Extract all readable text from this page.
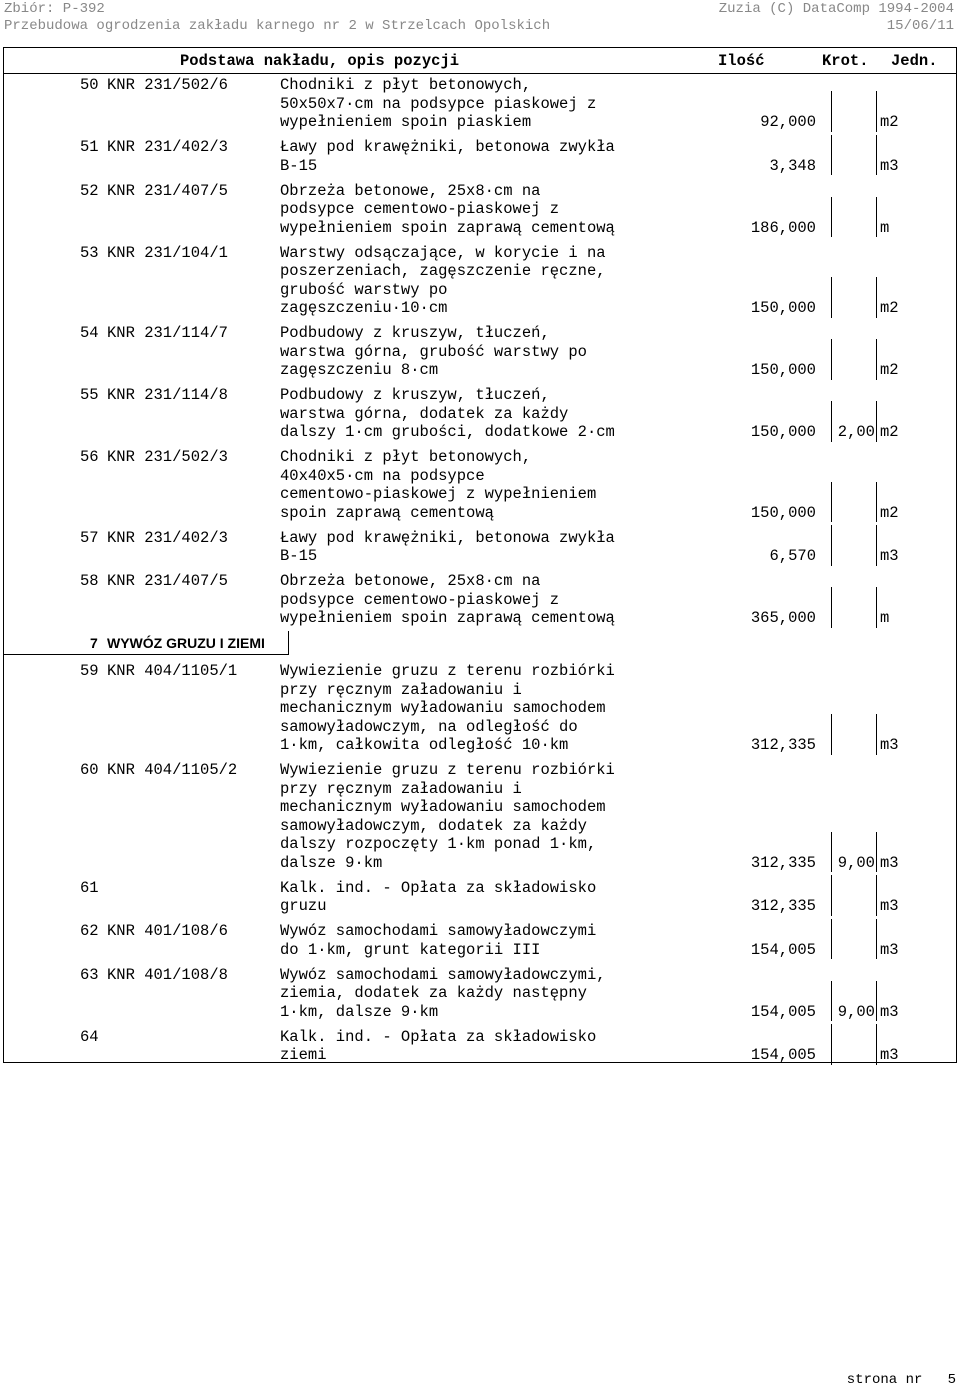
Zbiór: P-392	Zuzia (C) DataComp 1994-2004
Przebudowa ogrodzenia zakładu karnego nr 2 w Strzelcach Opolskich	15/06/11
Podstawa nakładu, opis pozycji	Ilość	Krot. Jedn.
50 KNR 231/502/6	Chodniki z płyt betonowych,
50x50x7·cm na podsypce piaskowej z
wypełnieniem spoin piaskiem	92,000	m2
51 KNR 231/402/3	Ławy pod krawężniki, betonowa zwykła
B-15	3,348	m3
52 KNR 231/407/5	Obrzeża betonowe, 25x8·cm na
podsypce cementowo-piaskowej z
wypełnieniem spoin zaprawą cementową	186,000	m
53 KNR 231/104/1	Warstwy odsączające, w korycie i na
poszerzeniach, zagęszczenie ręczne,
grubość warstwy po
zagęszczeniu·10·cm	150,000	m2
54 KNR 231/114/7	Podbudowy z kruszyw, tłuczeń,
warstwa górna, grubość warstwy po
zagęszczeniu 8·cm	150,000	m2
55 KNR 231/114/8	Podbudowy z kruszyw, tłuczeń,
warstwa górna, dodatek za każdy
dalszy 1·cm grubości, dodatkowe 2·cm	150,000 2,00 m2
56 KNR 231/502/3	Chodniki z płyt betonowych,
40x40x5·cm na podsypce
cementowo-piaskowej z wypełnieniem
spoin zaprawą cementową	150,000	m2
57 KNR 231/402/3	Ławy pod krawężniki, betonowa zwykła
B-15	6,570	m3
58 KNR 231/407/5	Obrzeża betonowe, 25x8·cm na
podsypce cementowo-piaskowej z
wypełnieniem spoin zaprawą cementową	365,000	m
7 WYWÓZ GRUZU I ZIEMI
59 KNR 404/1105/1	Wywiezienie gruzu z terenu rozbiórki
przy ręcznym załadowaniu i
mechanicznym wyładowaniu samochodem
samowyładowczym, na odległość do
1·km, całkowita odległość 10·km	312,335	m3
60 KNR 404/1105/2	Wywiezienie gruzu z terenu rozbiórki
przy ręcznym załadowaniu i
mechanicznym wyładowaniu samochodem
samowyładowczym, dodatek za każdy
dalszy rozpoczęty 1·km ponad 1·km,
dalsze 9·km	312,335 9,00 m3
61	Kalk. ind. - Opłata za składowisko
gruzu	312,335	m3
62 KNR 401/108/6	Wywóz samochodami samowyładowczymi
do 1·km, grunt kategorii III	154,005	m3
63 KNR 401/108/8	Wywóz samochodami samowyładowczymi,
ziemia, dodatek za każdy następny
1·km, dalsze 9·km	154,005 9,00 m3
64	Kalk. ind. - Opłata za składowisko
ziemi	154,005	m3
strona nr   5
